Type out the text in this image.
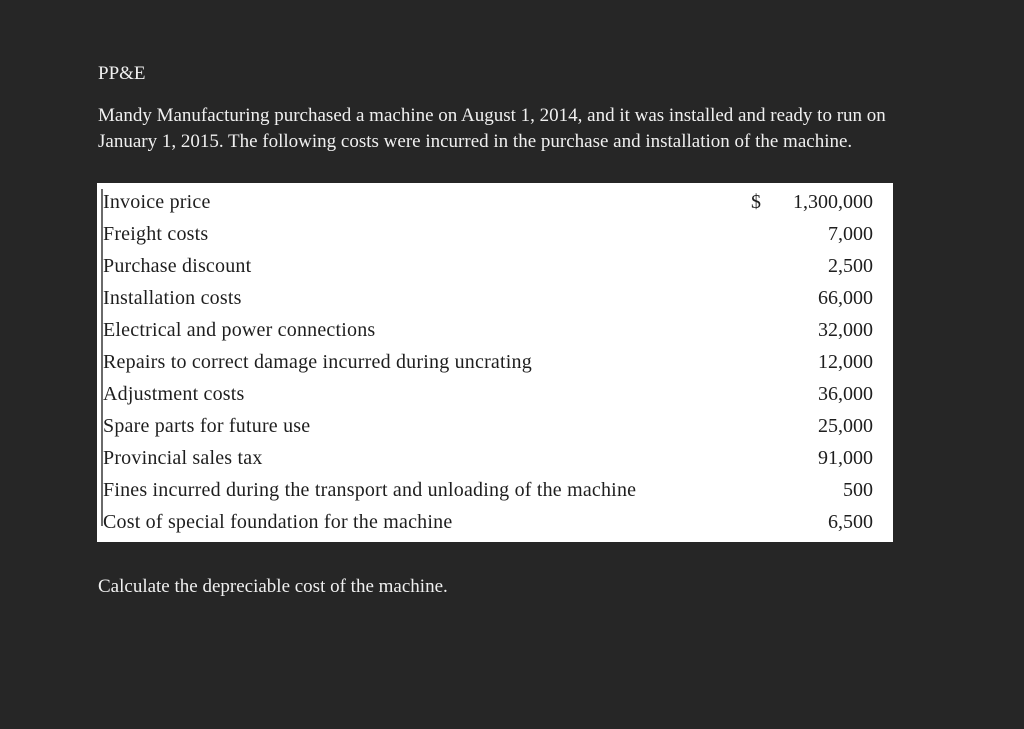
PP&E

Mandy Manufacturing purchased a machine on August 1, 2014, and it was installed and ready to run on January 1, 2015. The following costs were incurred in the purchase and installation of the machine.

Invoice price	$ 1,300,000
Freight costs	7,000
Purchase discount	2,500
Installation costs	66,000
Electrical and power connections	32,000
Repairs to correct damage incurred during uncrating	12,000
Adjustment costs	36,000
Spare parts for future use	25,000
Provincial sales tax	91,000
Fines incurred during the transport and unloading of the machine	500
Cost of special foundation for the machine	6,500

Calculate the depreciable cost of the machine.
